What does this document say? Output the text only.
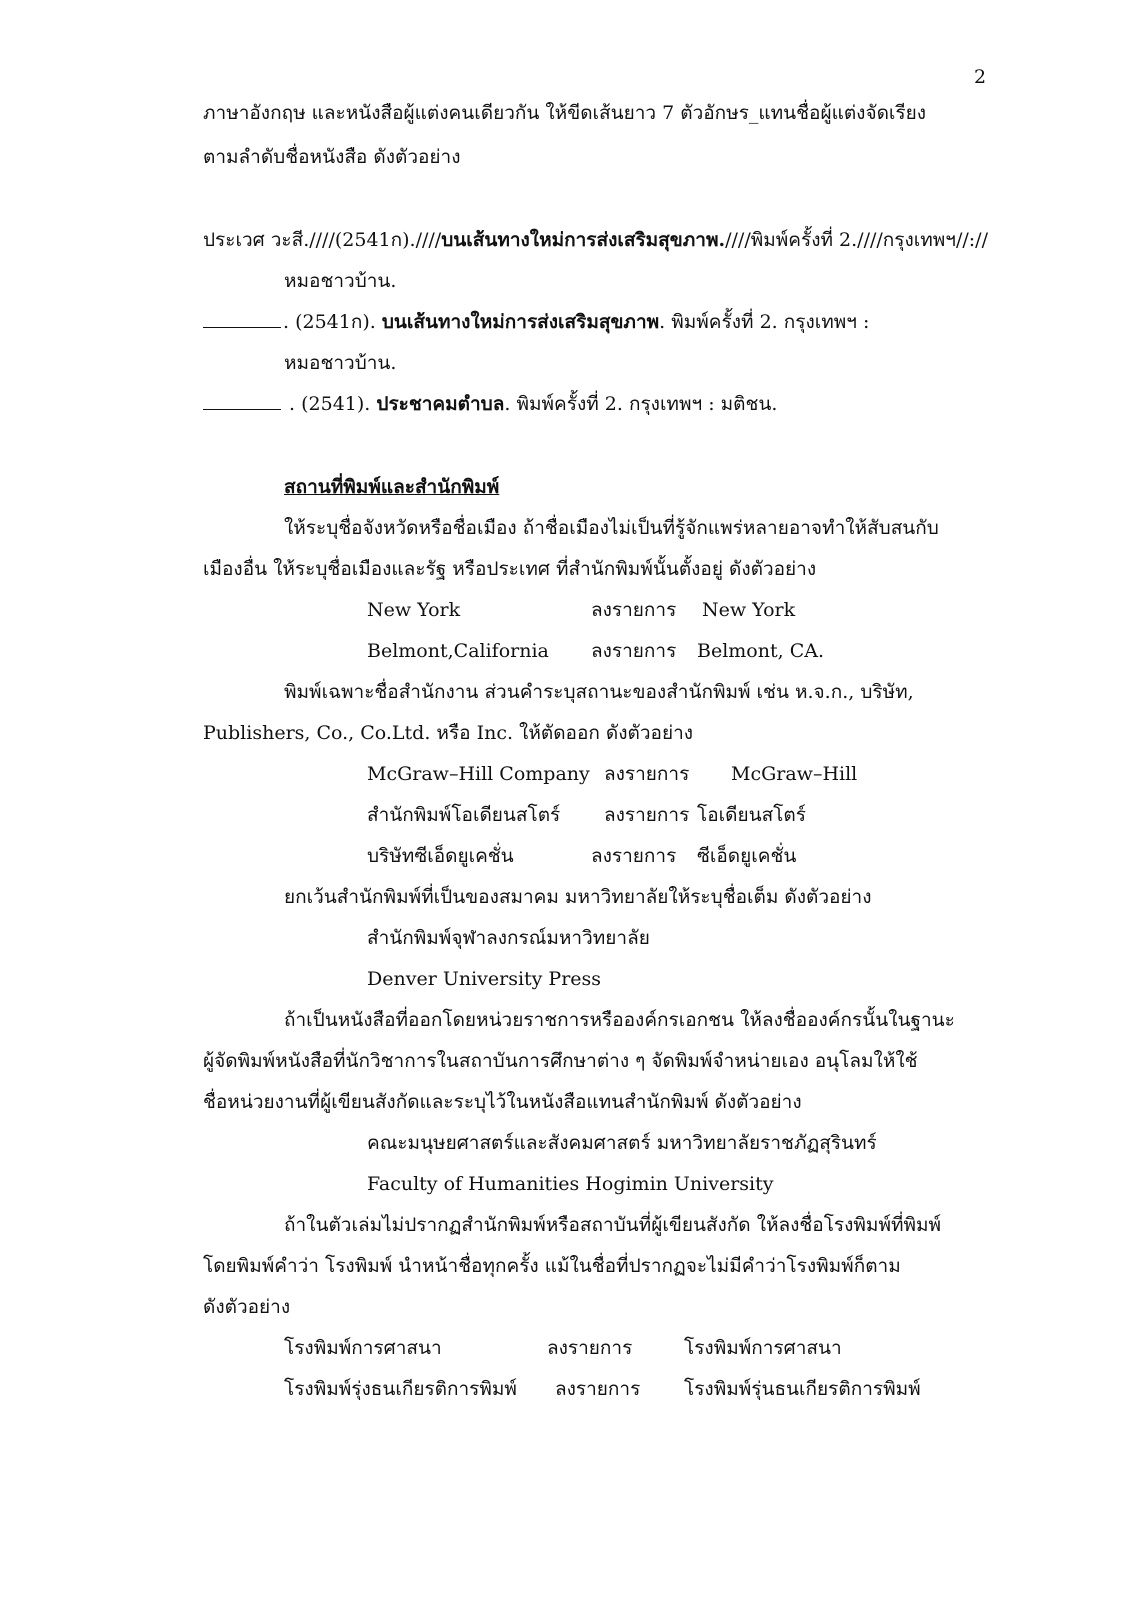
2
ภาษาอังกฤษ และหนังสือผู้แต่งคนเดียวกัน ให้ขีดเส้นยาว 7 ตัวอักษร_แทนชื่อผู้แต่งจัดเรียง
ตามลำดับชื่อหนังสือ ดังตัวอย่าง
ประเวศ วะสี.////(2541ก).////บนเส้นทางใหม่การส่งเสริมสุขภาพ.////พิมพ์ครั้งที่ 2.////กรุงเทพฯ//://
หมอชาวบ้าน.
. (2541ก). บนเส้นทางใหม่การส่งเสริมสุขภาพ. พิมพ์ครั้งที่ 2. กรุงเทพฯ :
หมอชาวบ้าน.
. (2541). ประชาคมตำบล. พิมพ์ครั้งที่ 2. กรุงเทพฯ : มติชน.
สถานที่พิมพ์และสำนักพิมพ์
ให้ระบุชื่อจังหวัดหรือชื่อเมือง ถ้าชื่อเมืองไม่เป็นที่รู้จักแพร่หลายอาจทำให้สับสนกับ
เมืองอื่น ให้ระบุชื่อเมืองและรัฐ หรือประเทศ ที่สำนักพิมพ์นั้นตั้งอยู่ ดังตัวอย่าง
New York	ลงรายการ New York
Belmont,California ลงรายการ Belmont, CA.
พิมพ์เฉพาะชื่อสำนักงาน ส่วนคำระบุสถานะของสำนักพิมพ์ เช่น ห.จ.ก., บริษัท,
Publishers, Co., Co.Ltd. หรือ Inc. ให้ตัดออก ดังตัวอย่าง
McGraw–Hill Company ลงรายการ McGraw–Hill
สำนักพิมพ์โอเดียนสโตร์ ลงรายการ โอเดียนสโตร์
บริษัทซีเอ็ดยูเคชั่น	ลงรายการ ซีเอ็ดยูเคชั่น
ยกเว้นสำนักพิมพ์ที่เป็นของสมาคม มหาวิทยาลัยให้ระบุชื่อเต็ม ดังตัวอย่าง
สำนักพิมพ์จุฬาลงกรณ์มหาวิทยาลัย
Denver University Press
ถ้าเป็นหนังสือที่ออกโดยหน่วยราชการหรือองค์กรเอกชน ให้ลงชื่อองค์กรนั้นในฐานะ
ผู้จัดพิมพ์หนังสือที่นักวิชาการในสถาบันการศึกษาต่าง ๆ จัดพิมพ์จำหน่ายเอง อนุโลมให้ใช้
ชื่อหน่วยงานที่ผู้เขียนสังกัดและระบุไว้ในหนังสือแทนสำนักพิมพ์ ดังตัวอย่าง
คณะมนุษยศาสตร์และสังคมศาสตร์ มหาวิทยาลัยราชภัฏสุรินทร์
Faculty of Humanities Hogimin University
ถ้าในตัวเล่มไม่ปรากฏสำนักพิมพ์หรือสถาบันที่ผู้เขียนสังกัด ให้ลงชื่อโรงพิมพ์ที่พิมพ์
โดยพิมพ์คำว่า โรงพิมพ์ นำหน้าชื่อทุกครั้ง แม้ในชื่อที่ปรากฏจะไม่มีคำว่าโรงพิมพ์ก็ตาม
ดังตัวอย่าง
โรงพิมพ์การศาสนา	ลงรายการ	โรงพิมพ์การศาสนา
โรงพิมพ์รุ่งธนเกียรติการพิมพ์ ลงรายการ โรงพิมพ์รุ่นธนเกียรติการพิมพ์
